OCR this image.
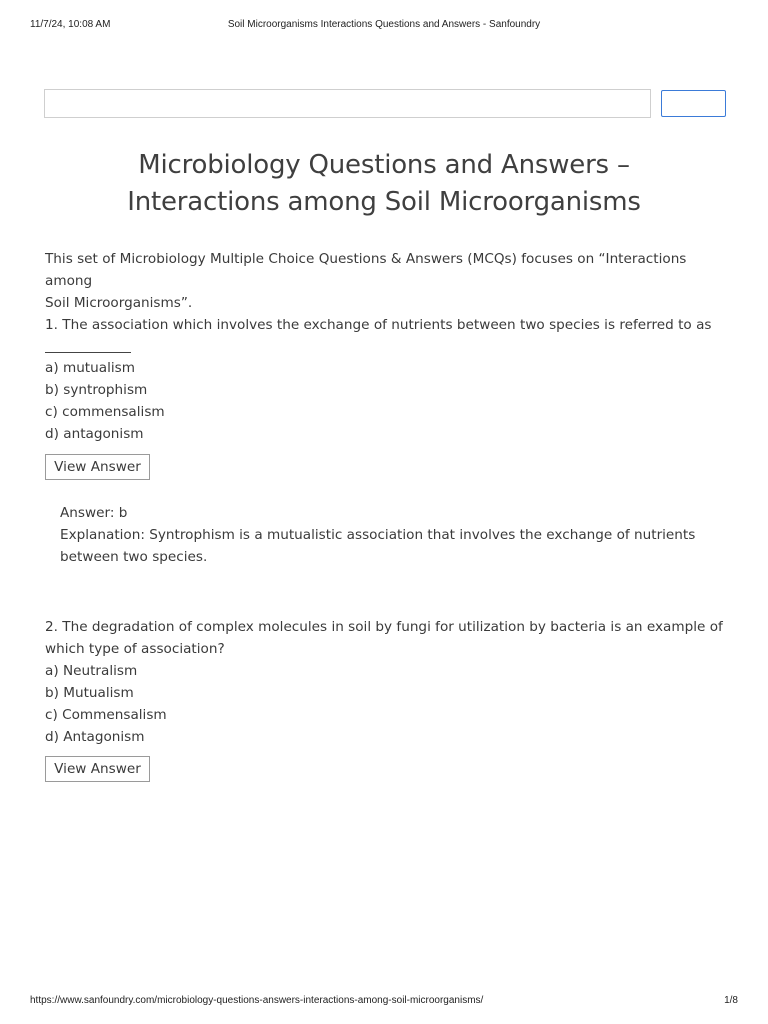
11/7/24, 10:08 AM	Soil Microorganisms Interactions Questions and Answers - Sanfoundry
Microbiology Questions and Answers –
Interactions among Soil Microorganisms
This set of Microbiology Multiple Choice Questions & Answers (MCQs) focuses on “Interactions among
Soil Microorganisms”.
1. The association which involves the exchange of nutrients between two species is referred to as
a) mutualism
b) syntrophism
c) commensalism
d) antagonism
View Answer
Answer: b
Explanation: Syntrophism is a mutualistic association that involves the exchange of nutrients
between two species.
2. The degradation of complex molecules in soil by fungi for utilization by bacteria is an example of
which type of association?
a) Neutralism
b) Mutualism
c) Commensalism
d) Antagonism
View Answer
https://www.sanfoundry.com/microbiology-questions-answers-interactions-among-soil-microorganisms/	1/8
